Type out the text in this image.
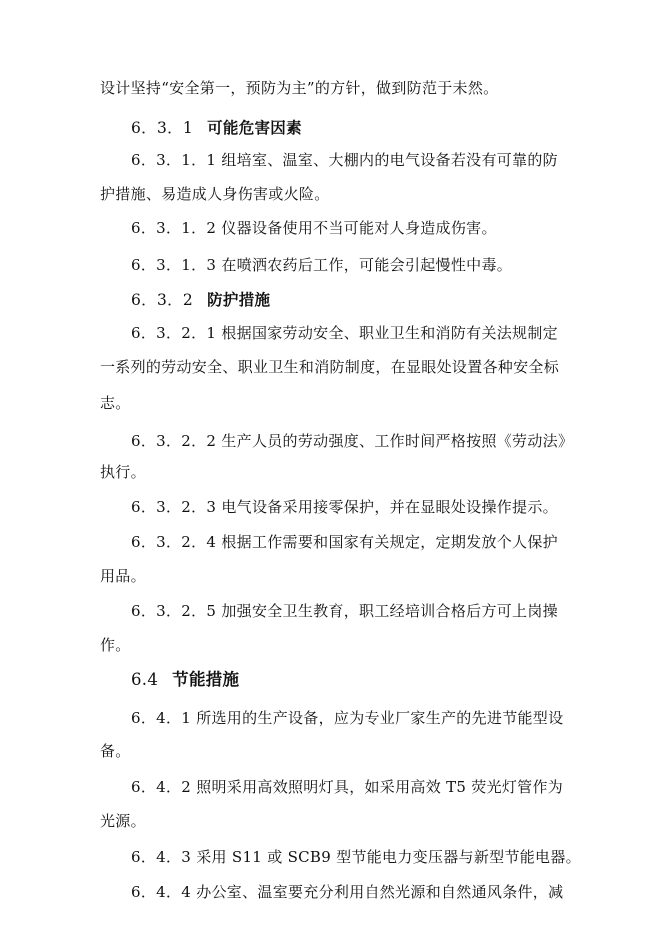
设计坚持“安全第一，预防为主”的方针，做到防范于未然。
6．3．1 可能危害因素
6．3．1．1 组培室、温室、大棚内的电气设备若没有可靠的防
护措施、易造成人身伤害或火险。
6．3．1．2 仪器设备使用不当可能对人身造成伤害。
6．3．1．3 在喷洒农药后工作，可能会引起慢性中毒。
6．3．2 防护措施
6．3．2．1 根据国家劳动安全、职业卫生和消防有关法规制定
一系列的劳动安全、职业卫生和消防制度，在显眼处设置各种安全标
志。
6．3．2．2 生产人员的劳动强度、工作时间严格按照《劳动法》
执行。
6．3．2．3 电气设备采用接零保护，并在显眼处设操作提示。
6．3．2．4 根据工作需要和国家有关规定，定期发放个人保护
用品。
6．3．2．5 加强安全卫生教育，职工经培训合格后方可上岗操
作。
6.4 节能措施
6．4．1 所选用的生产设备，应为专业厂家生产的先进节能型设
备。
6．4．2 照明采用高效照明灯具，如采用高效 T5 荧光灯管作为
光源。
6．4．3 采用 S11 或 SCB9 型节能电力变压器与新型节能电器。
6．4．4 办公室、温室要充分利用自然光源和自然通风条件，减
